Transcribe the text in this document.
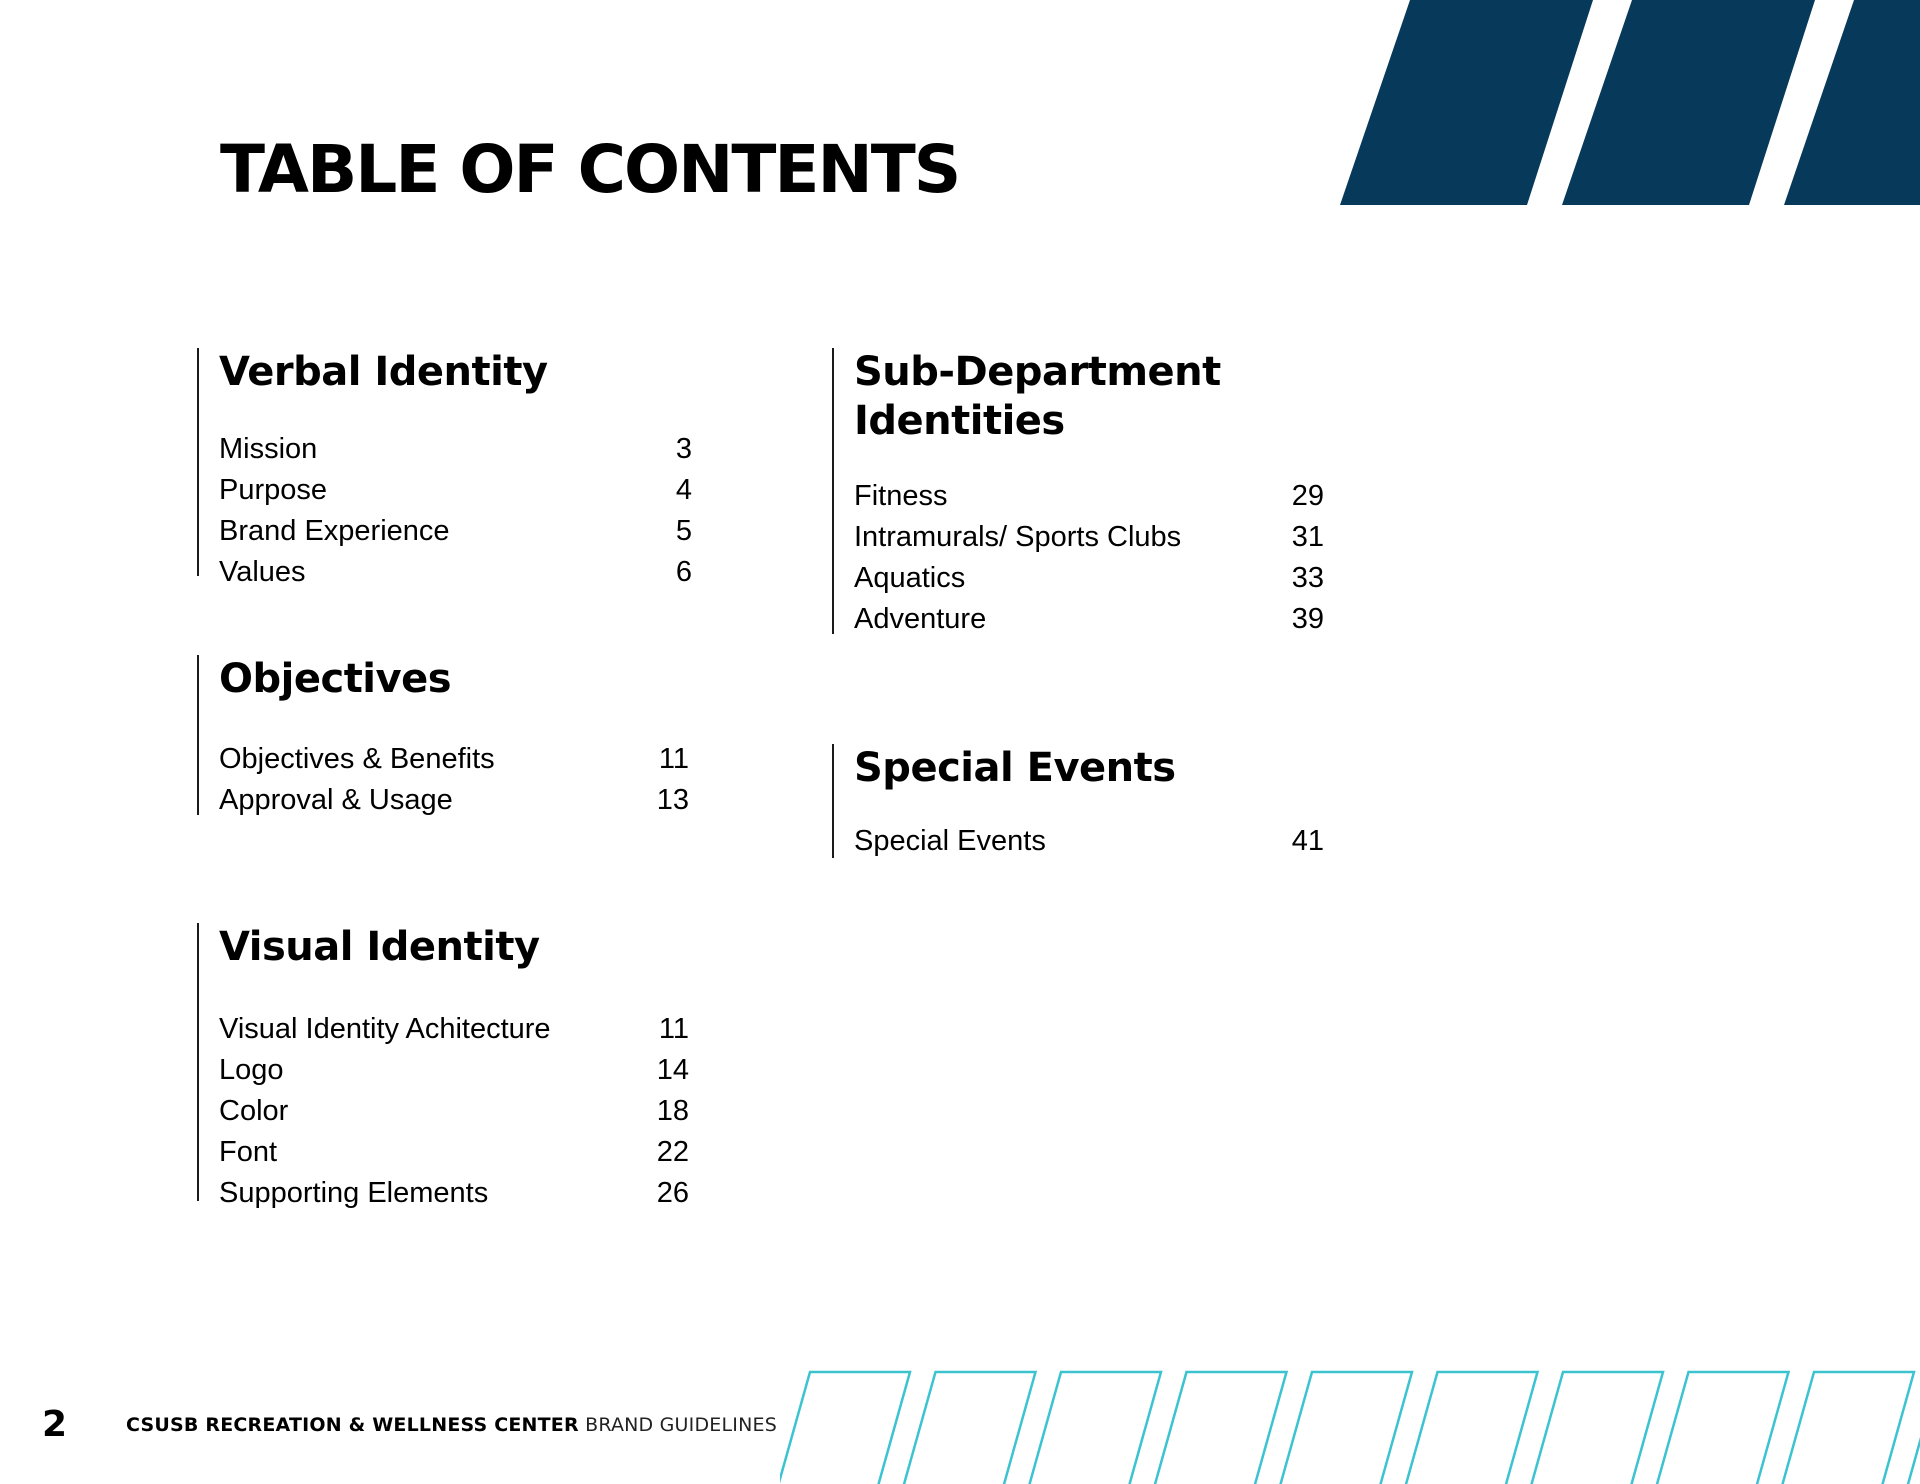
TABLE OF CONTENTS
Verbal Identity
Mission	3
Purpose	4
Brand Experience	5
Values	6
Objectives
Objectives & Benefits	11
Approval & Usage	13
Visual Identity
Visual Identity Achitecture	11
Logo	14
Color	18
Font	22
Supporting Elements	26
Sub-Department
Identities
Fitness	29
Intramurals/ Sports Clubs	31
Aquatics	33
Adventure	39
Special Events
Special Events	41
2	CSUSB RECREATION & WELLNESS CENTER BRAND GUIDELINES
